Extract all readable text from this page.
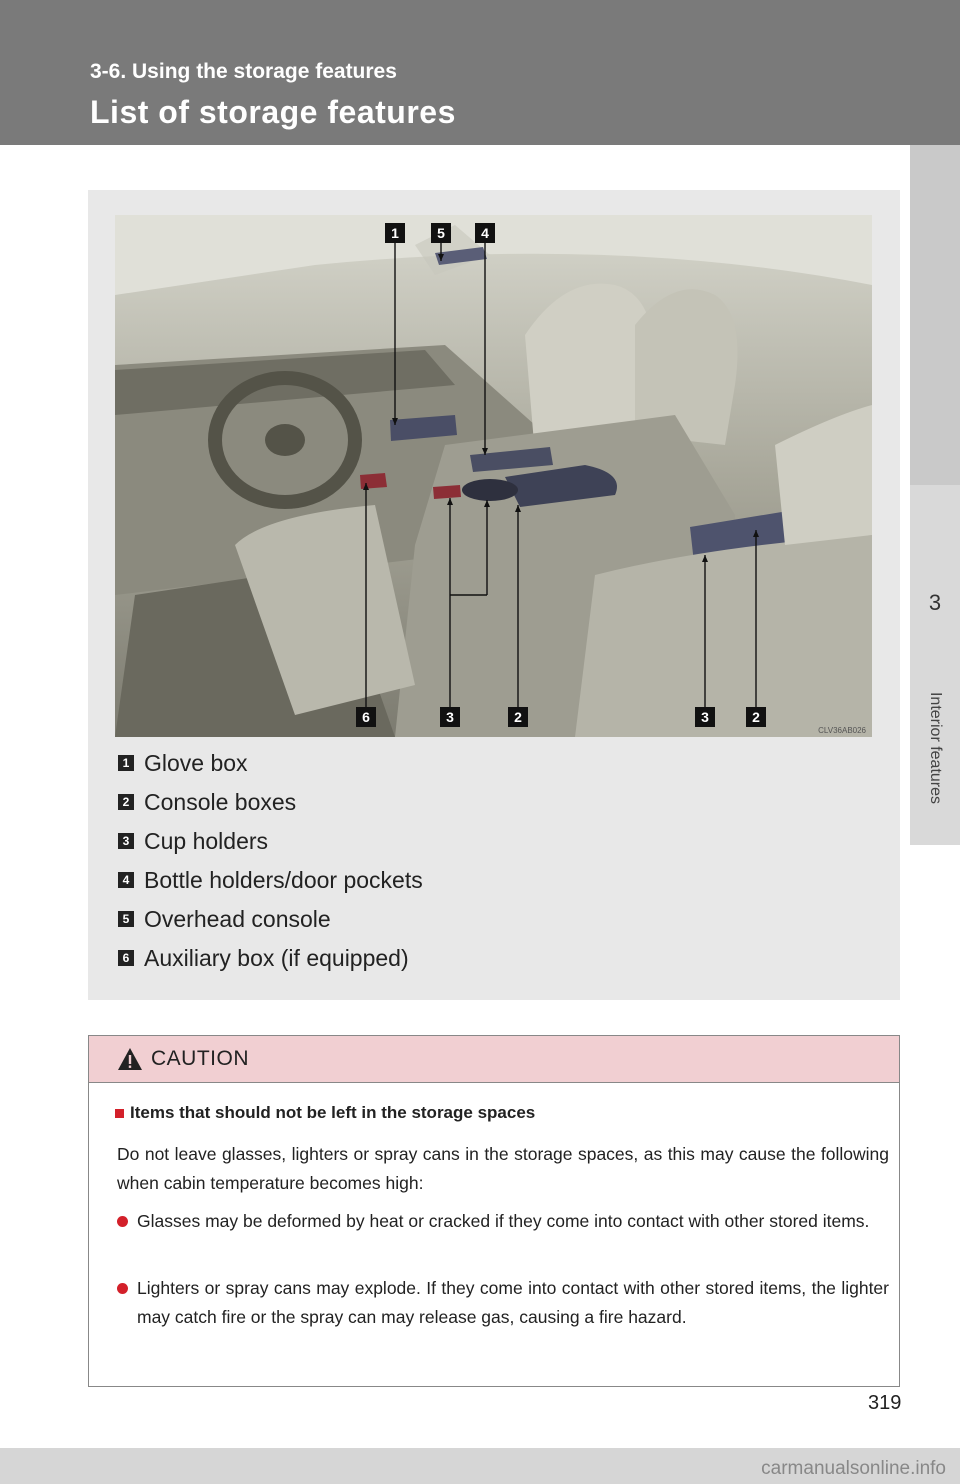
3-6. Using the storage features
List of storage features
3
Interior features
1	5	4
6	3	2	3	2
CLV36AB026
1 Glove box
2 Console boxes
3 Cup holders
4 Bottle holders/door pockets
5 Overhead console
6 Auxiliary box (if equipped)
CAUTION
Items that should not be left in the storage spaces
Do not leave glasses, lighters or spray cans in the storage spaces, as this may cause the following when cabin temperature becomes high:
Glasses may be deformed by heat or cracked if they come into contact with other stored items.
Lighters or spray cans may explode. If they come into contact with other stored items, the lighter may catch fire or the spray can may release gas, causing a fire hazard.
319
carmanualsonline.info
